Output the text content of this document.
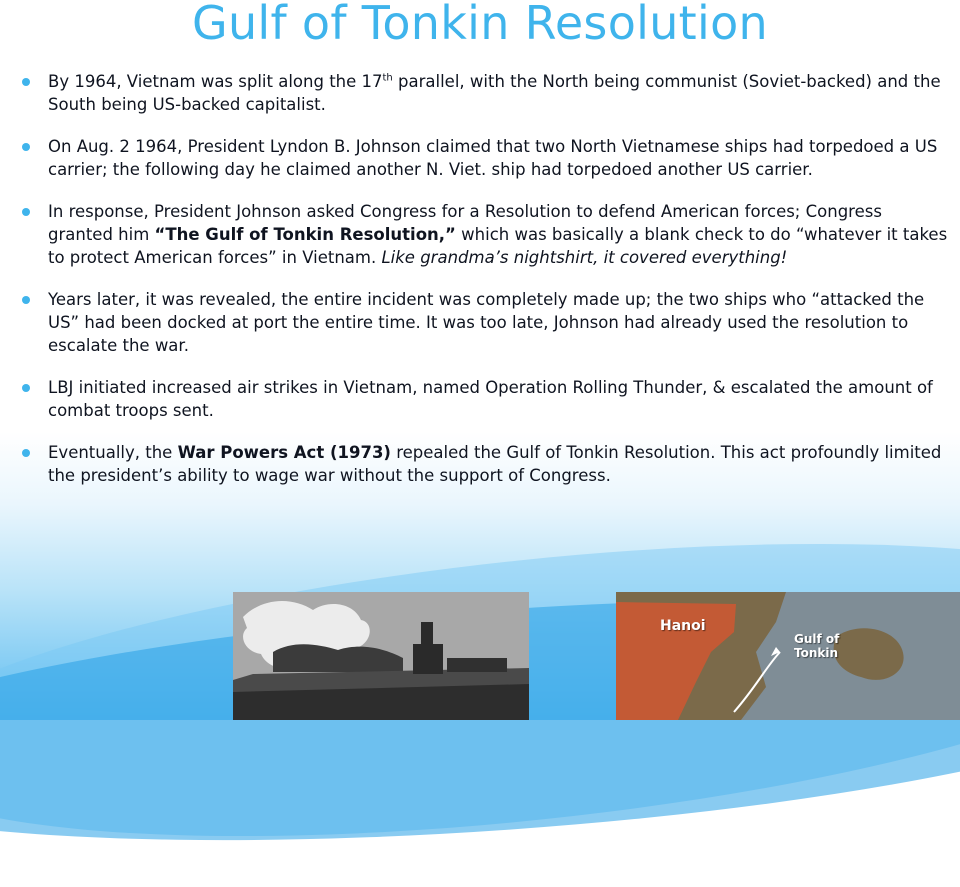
Gulf of Tonkin Resolution
By 1964, Vietnam was split along the 17th parallel, with the North being communist (Soviet-backed) and the South being US-backed capitalist.
On Aug. 2 1964, President Lyndon B. Johnson claimed that two North Vietnamese ships had torpedoed a US carrier; the following day he claimed another N. Viet. ship had torpedoed another US carrier.
In response, President Johnson asked Congress for a Resolution to defend American forces; Congress granted him “The Gulf of Tonkin Resolution,” which was basically a blank check to do “whatever it takes to protect American forces” in Vietnam. Like grandma’s nightshirt, it covered everything!
Years later, it was revealed, the entire incident was completely made up; the two ships who “attacked the US” had been docked at port the entire time. It was too late, Johnson had already used the resolution to escalate the war.
LBJ initiated increased air strikes in Vietnam, named Operation Rolling Thunder, & escalated the amount of combat troops sent.
Eventually, the War Powers Act (1973) repealed the Gulf of Tonkin Resolution. This act profoundly limited the president’s ability to wage war without the support of Congress.
Hanoi
Gulf of
Tonkin
